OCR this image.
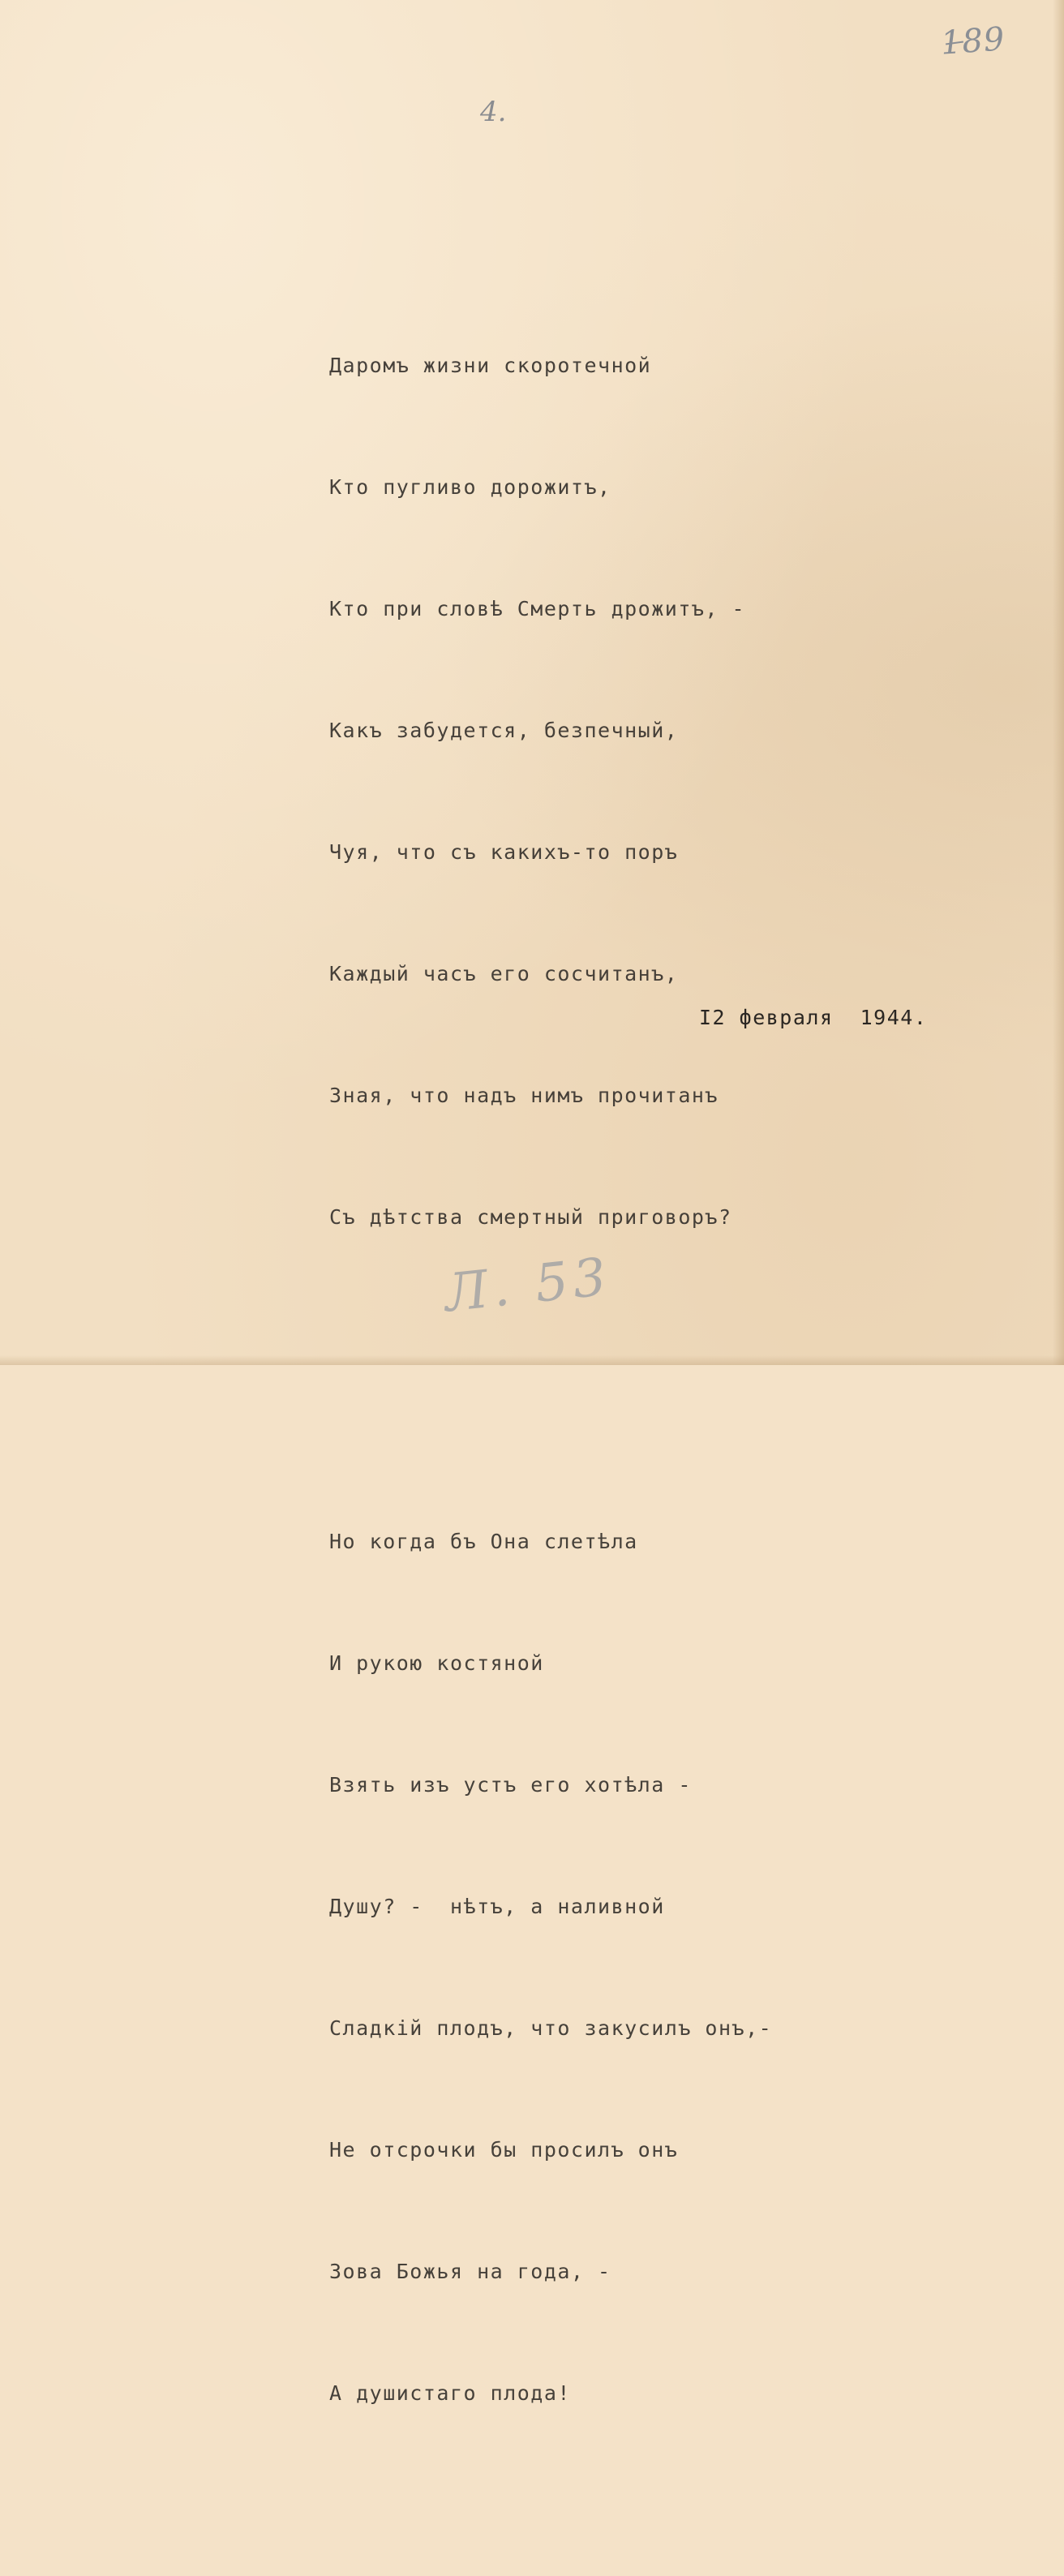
189
4.

Даромъ жизни скоротечной

Кто пугливо дорожитъ,

Кто при словѣ Смерть дрожитъ, -

Какъ забудется, безпечный,

Чуя, что съ какихъ-то поръ

Каждый часъ его сосчитанъ,

Зная, что надъ нимъ прочитанъ

Съ дѣтства смертный приговоръ?

Но когда бъ Она слетѣла

И рукою костяной

Взять изъ устъ его хотѣла -

Душу? -  нѣтъ, а наливной

Сладкій плодъ, что закусилъ онъ,-

Не отсрочки бы просилъ онъ

Зова Божья на года, -

А душистаго плода!

I2 февраля  1944.
Л. 53
